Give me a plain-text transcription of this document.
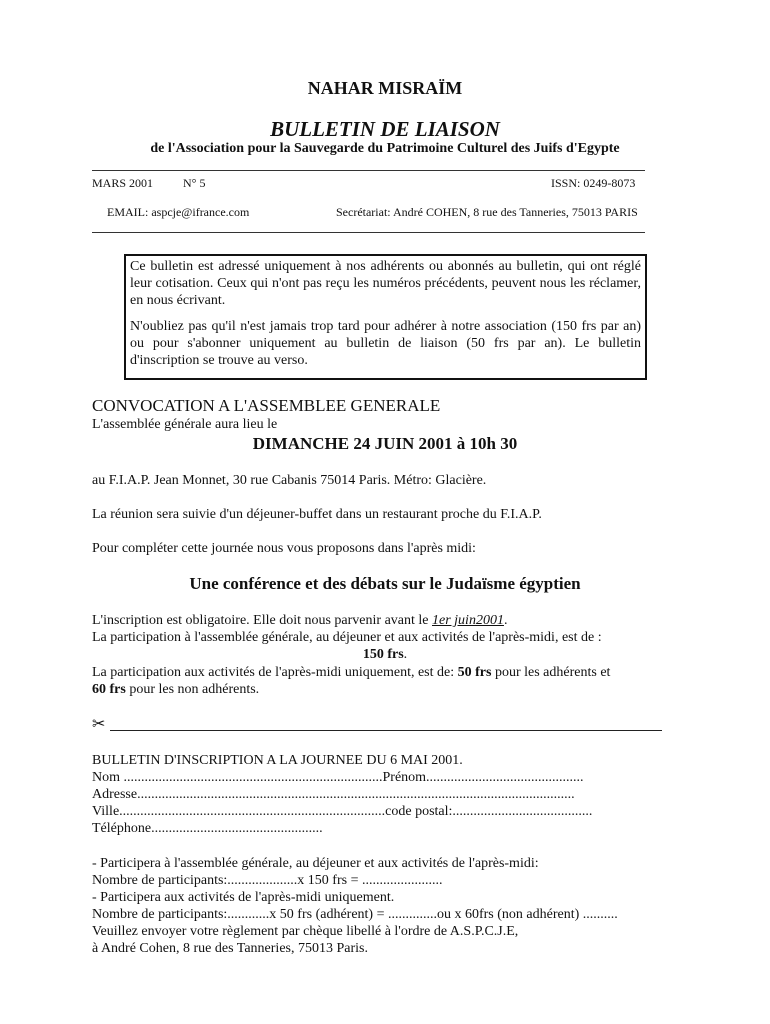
NAHAR MISRAÏM
BULLETIN DE LIAISON
de l'Association pour la Sauvegarde du Patrimoine Culturel des Juifs d'Egypte
MARS 2001 N° 5	ISSN: 0249-8073
EMAIL: aspcje@ifrance.com	Secrétariat: André COHEN, 8 rue des Tanneries, 75013 PARIS

Ce bulletin est adressé uniquement à nos adhérents ou abonnés au bulletin, qui ont réglé leur cotisation. Ceux qui n'ont pas reçu les numéros précédents, peuvent nous les réclamer, en nous écrivant.

N'oubliez pas qu'il n'est jamais trop tard pour adhérer à notre association (150 frs par an) ou pour s'abonner uniquement au bulletin de liaison (50 frs par an). Le bulletin d'inscription se trouve au verso.

CONVOCATION A L'ASSEMBLEE GENERALE
L'assemblée générale aura lieu le
DIMANCHE 24 JUIN 2001 à 10h 30
au F.I.A.P. Jean Monnet, 30 rue Cabanis 75014 Paris. Métro: Glacière.
La réunion sera suivie d'un déjeuner-buffet dans un restaurant proche du F.I.A.P.
Pour compléter cette journée nous vous proposons dans l'après midi:
Une conférence et des débats sur le Judaïsme égyptien
L'inscription est obligatoire. Elle doit nous parvenir avant le 1er juin2001.
La participation à l'assemblée générale, au déjeuner et aux activités de l'après-midi, est de :
150 frs.
La participation aux activités de l'après-midi uniquement, est de: 50 frs pour les adhérents et
60 frs pour les non adhérents.
✂
BULLETIN D'INSCRIPTION A LA JOURNEE DU 6 MAI 2001.
Nom ..........................................................................Prénom.............................................
Adresse.............................................................................................................................
Ville............................................................................code postal:........................................
Téléphone.................................................
- Participera à l'assemblée générale, au déjeuner et aux activités de l'après-midi:
Nombre de participants:....................x 150 frs = .......................
- Participera aux activités de l'après-midi uniquement.
Nombre de participants:............x 50 frs (adhérent) = ..............ou x 60frs (non adhérent) ..........
Veuillez envoyer votre règlement par chèque libellé à l'ordre de A.S.P.C.J.E,
à André Cohen, 8 rue des Tanneries, 75013 Paris.
